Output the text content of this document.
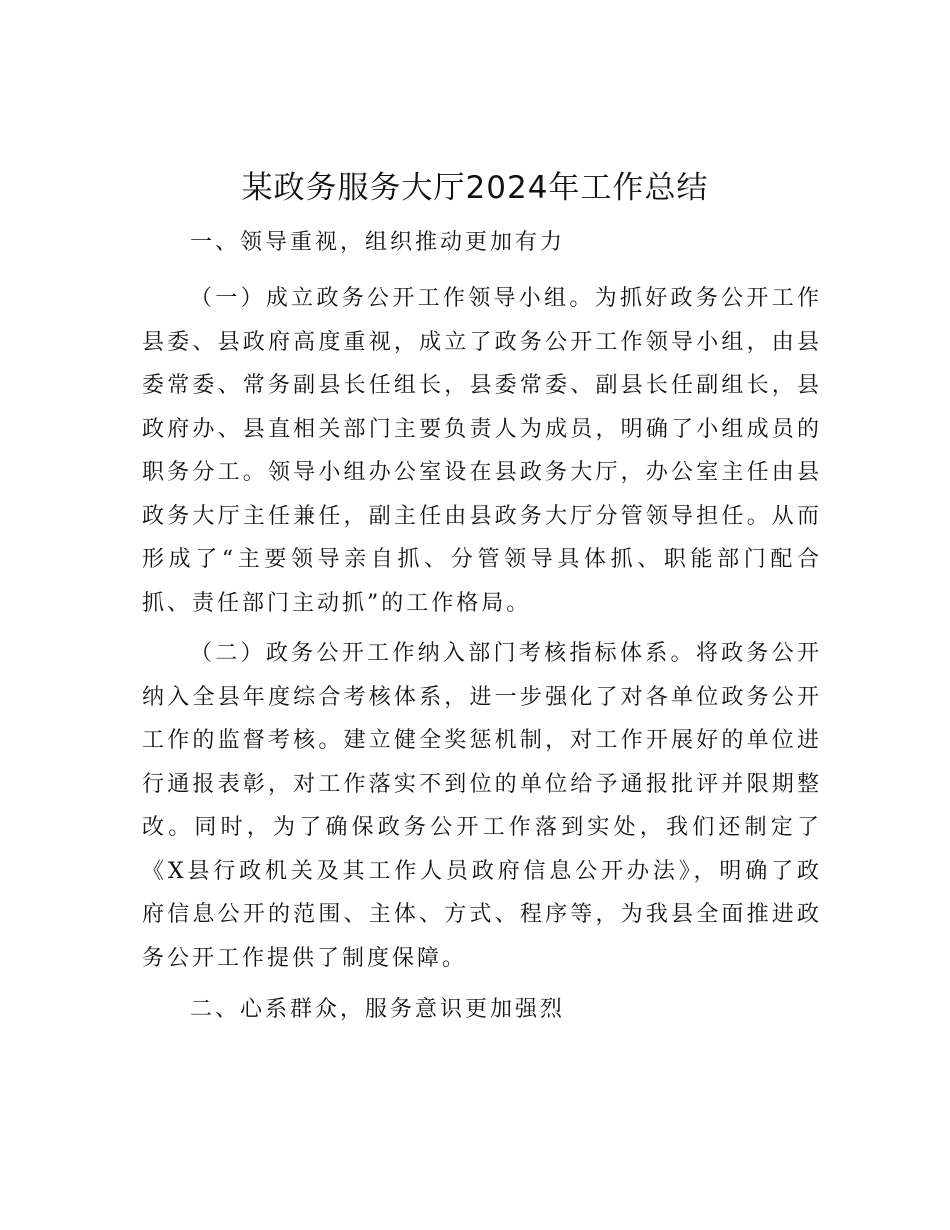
某政务服务大厅2024年工作总结

一、领导重视，组织推动更加有力

（一）成立政务公开工作领导小组。为抓好政务公开工作县委、县政府高度重视，成立了政务公开工作领导小组，由县委常委、常务副县长任组长，县委常委、副县长任副组长，县政府办、县直相关部门主要负责人为成员，明确了小组成员的职务分工。领导小组办公室设在县政务大厅，办公室主任由县政务大厅主任兼任，副主任由县政务大厅分管领导担任。从而形成了“主要领导亲自抓、分管领导具体抓、职能部门配合抓、责任部门主动抓”的工作格局。

（二）政务公开工作纳入部门考核指标体系。将政务公开纳入全县年度综合考核体系，进一步强化了对各单位政务公开工作的监督考核。建立健全奖惩机制，对工作开展好的单位进行通报表彰，对工作落实不到位的单位给予通报批评并限期整改。同时，为了确保政务公开工作落到实处，我们还制定了《X县行政机关及其工作人员政府信息公开办法》，明确了政府信息公开的范围、主体、方式、程序等，为我县全面推进政务公开工作提供了制度保障。

二、心系群众，服务意识更加强烈
